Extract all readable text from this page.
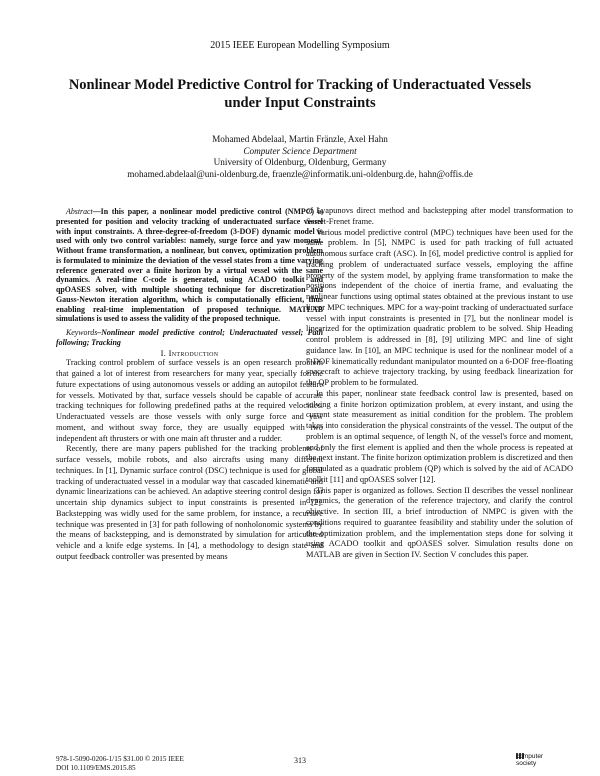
2015 IEEE European Modelling Symposium
Nonlinear Model Predictive Control for Tracking of Underactuated Vessels
under Input Constraints
Mohamed Abdelaal, Martin Fränzle, Axel Hahn
Computer Science Department
University of Oldenburg, Oldenburg, Germany
mohamed.abdelaal@uni-oldenburg.de, fraenzle@informatik.uni-oldenburg.de, hahn@offis.de

Abstract—In this paper, a nonlinear model predictive control (NMPC) is presented for position and velocity tracking of underactuated surface vessel with input constraints. A three-degree-of-freedom (3-DOF) dynamic model is used with only two control variables: namely, surge force and yaw moment. Without frame transformation, a nonlinear, but convex, optimization problem is formulated to minimize the deviation of the vessel states from a time varying reference generated over a finite horizon by a virtual vessel with the same dynamics. A real-time C-code is generated, using ACADO toolkit and qpOASES solver, with multiple shooting technique for discretization and Gauss-Newton iteration algorithm, which is computationally efficient, thus enabling real-time implementation of proposed technique. MATLAB simulations is used to assess the validity of the proposed technique.

Keywords–Nonlinear model predictive control; Underactuated vessel; Path following; Tracking

I. Introduction

Tracking control problem of surface vessels is an open research problem that gained a lot of interest from researchers for many year, specially for the future expectations of using autonomous vessels or adding an autopilot feature for vessels. Motivated by that, surface vessels should be capable of accurate tracking techniques for following predefined paths at the required velocities. Underactuated vessels are those vessels with only surge force and yaw moment, and without sway force, they are usually equipped with two independent aft thrusters or with one main aft thruster and a rudder.

Recently, there are many papers published for the tracking problems of surface vessels, mobile robots, and also aircrafts using many different techniques. In [1], Dynamic surface control (DSC) technique is used for global tracking of underactuated vessel in a modular way that cascaded kinematic and dynamic linearizations can be achieved. An adaptive steering control design for uncertain ship dynamics subject to input constraints is presented in [2]. Backstepping was widly used for the same problem, for instance, a recursive technique was presented in [3] for path following of nonholonomic systems by the means of backstepping, and is demonstrated by simulation for articulated vehicle and a knife edge systems. In [4], a methodology to design state and output feedback controller was presented by means

of Lyapunovs direct method and backstepping after model transformation to Serret-Frenet frame.

Various model predictive control (MPC) techniques have been used for the same problem. In [5], NMPC is used for path tracking of full actuated autonomous surface craft (ASC). In [6], model predictive control is applied for tracking problem of underactuated surface vessels, employing the affine property of the system model, by applying frame transformation to make the positions independent of the choice of inertia frame, and evaluating the nonlinear functions using optimal states obtained at the previous instant to use linear MPC techniques. MPC for a way-point tracking of underactuated surface vessel with input constraints is presented in [7], but the nonlinear model is linearized for the optimization quadratic problem to be solved. Ship Heading control problem is addressed in [8], [9] utilizing MPC and line of sight guidance law. In [10], an MPC technique is used for the nonlinear model of a 7-DOF kinematically redundant manipulator mounted on a 6-DOF free-floating spacecraft to achieve trajectory tracking, by using feedback linearization for the QP problem to be formulated.

In this paper, nonlinear state feedback control law is presented, based on solving a finite horizon optimization problem, at every instant, and using the current state measurement as initial condition for the problem. The problem takes into consideration the physical constraints of the vessel. The output of the problem is an optimal sequence, of length N, of the vessel's force and moment, and only the first element is applied and then the whole process is repeated at the next instant. The finite horizon optimization problem is discretized and then formulated as a quadratic problem (QP) which is solved by the aid of ACADO toolkit [11] and qpOASES solver [12].

This paper is organized as follows. Section II describes the vessel nonlinear dynamics, the generation of the reference trajectory, and clarify the control objective. In section III, a brief introduction of NMPC is given with the conditions required to guarantee feasibility and stability under the solution of the optimization problem, and the implementation steps done for solving it using ACADO toolkit and qpOASES solver. Simulation results done on MATLAB are given in Section IV. Section V concludes this paper.

978-1-5090-0206-1/15 $31.00 © 2015 IEEE
DOI 10.1109/EMS.2015.85
313	computer
society
